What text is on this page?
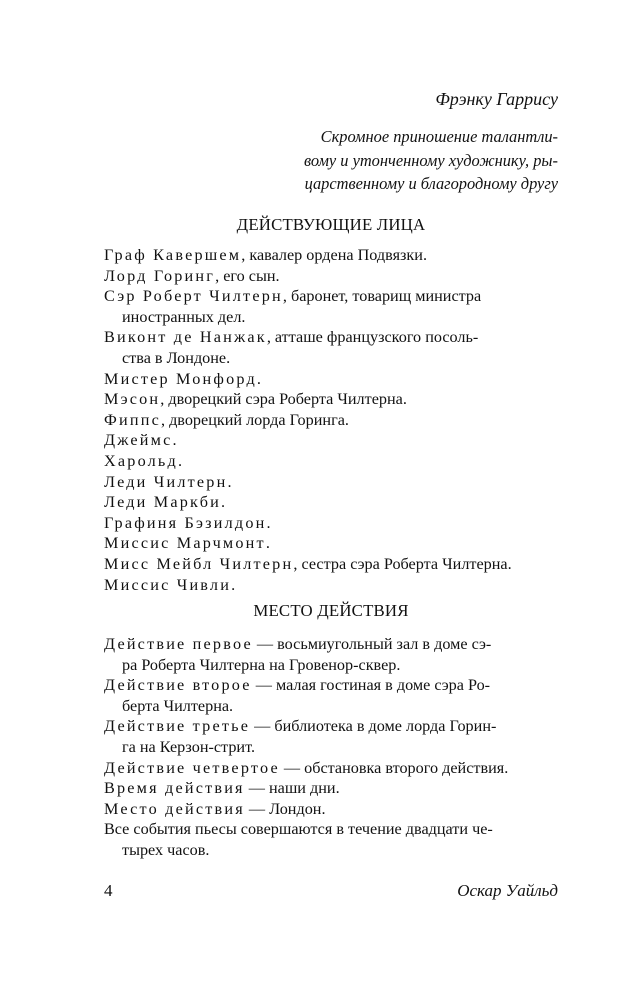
Фрэнку Гаррису
Скромное приношение талантли-
вому и утонченному художнику, ры-
царственному и благородному другу
ДЕЙСТВУЮЩИЕ ЛИЦА
Граф Кавершем, кавалер ордена Подвязки.
Лорд Горинг, его сын.
Сэр Роберт Чилтерн, баронет, товарищ министра
иностранных дел.
Виконт де Нанжак, атташе французского посоль-
ства в Лондоне.
Мистер Монфорд.
Мэсон, дворецкий сэра Роберта Чилтерна.
Фиппс, дворецкий лорда Горинга.
Джеймс.
Харольд.
Леди Чилтерн.
Леди Маркби.
Графиня Бэзилдон.
Миссис Марчмонт.
Мисс Мейбл Чилтерн, сестра сэра Роберта Чилтерна.
Миссис Чивли.
МЕСТО ДЕЙСТВИЯ
Действие первое — восьмиугольный зал в доме сэ-
ра Роберта Чилтерна на Гровенор-сквер.
Действие второе — малая гостиная в доме сэра Ро-
берта Чилтерна.
Действие третье — библиотека в доме лорда Горин-
га на Керзон-стрит.
Действие четвертое — обстановка второго действия.
Время действия — наши дни.
Место действия — Лондон.
Все события пьесы совершаются в течение двадцати че-
тырех часов.
4	Оскар Уайльд
